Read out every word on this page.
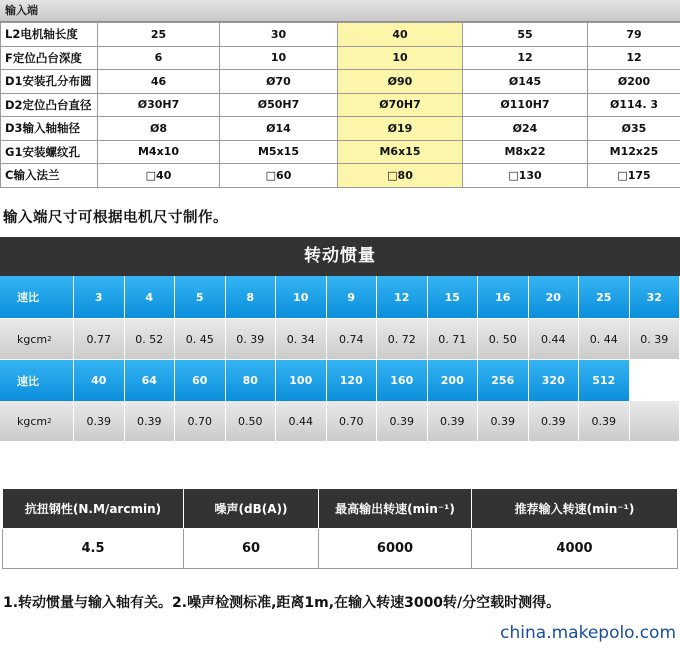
输入端
L2电机轴长度	25	30	40	55	79
F定位凸台深度	6	10	10	12	12
D1安装孔分布圆	46	Ø70	Ø90	Ø145	Ø200
D2定位凸台直径	Ø30H7	Ø50H7	Ø70H7	Ø110H7	Ø114. 3
D3输入轴轴径	Ø8	Ø14	Ø19	Ø24	Ø35
G1安装螺纹孔	M4x10	M5x15	M6x15	M8x22	M12x25
C输入法兰	□40	□60	□80	□130	□175
输入端尺寸可根据电机尺寸制作。
转动惯量
速比	3	4	5	8	10	9	12	15	16	20	25	32
kgcm 2	0.77	0. 52	0. 45	0. 39	0. 34	0.74	0. 72	0. 71	0. 50	0.44	0. 44	0. 39
速比	40	64	60	80	100	120	160	200	256	320	512
kgcm 2	0.39	0.39	0.70	0.50	0.44	0.70	0.39	0.39	0.39	0.39	0.39
抗扭钢性(N.M/arcmin)	噪声(dB(A))	最高输出转速(min⁻¹)	推荐输入转速(min⁻¹)
4.5	60	6000	4000
1.转动惯量与输入轴有关。2.噪声检测标准,距离1m,在输入转速3000转/分空载时测得。
china.makepolo.com
